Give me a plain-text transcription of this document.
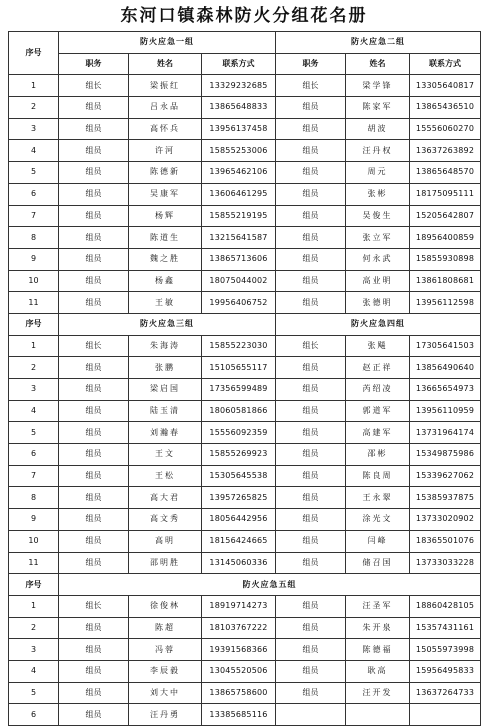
东河口镇森林防火分组花名册
序号	防火应急一组			防火应急二组		
	职务	姓名	联系方式	职务	姓名	联系方式
1	组长	梁振红	13329232685	组长	梁学锋	13305640817
2	组员	吕永品	13865648833	组员	陈家军	13865436510
3	组员	高怀兵	13956137458	组员	胡波	15556060270
4	组员	许河	15855253006	组员	汪丹权	13637263892
5	组员	陈德新	13965462106	组员	周元	13865648570
6	组员	吴康军	13606461295	组员	张彬	18175095111
7	组员	杨辉	15855219195	组员	吴俊生	15205642807
8	组员	陈道生	13215641587	组员	张立军	18956400859
9	组员	魏之胜	13865713606	组员	何永武	15855930898
10	组员	杨鑫	18075044002	组员	高业明	13861808681
11	组员	王敏	19956406752	组员	张德明	13956112598
序号	防火应急三组			防火应急四组		
1	组长	朱海涛	15855223030	组长	张飚	17305641503
2	组员	张鹏	15105655117	组员	赵正祥	13856490640
3	组员	梁启国	17356599489	组员	芮绍凌	13665654973
4	组员	陆玉清	18060581866	组员	郭道军	13956110959
5	组员	刘瀚春	15556092359	组员	高建军	13731964174
6	组员	王文	15855269923	组员	邵彬	15349875986
7	组员	王松	15305645538	组员	陈良周	15339627062
8	组员	高大君	13957265825	组员	王永翠	15385937875
9	组员	高文秀	18056442956	组员	涂光文	13733020902
10	组员	高明	18156424665	组员	闫峰	18365501076
11	组员	邵明胜	13145060336	组员	储召国	13733033228
序号	防火应急五组					
1	组长	徐俊林	18919714273	组员	汪圣军	18860428105
2	组员	陈超	18103767222	组员	朱开泉	15357431161
3	组员	冯蓉	19391568366	组员	陈德福	15055973998
4	组员	李辰毅	13045520506	组员	耿高	15956495833
5	组员	刘大中	13865758600	组员	汪开发	13637264733
6	组员	汪丹勇	13385685116			
